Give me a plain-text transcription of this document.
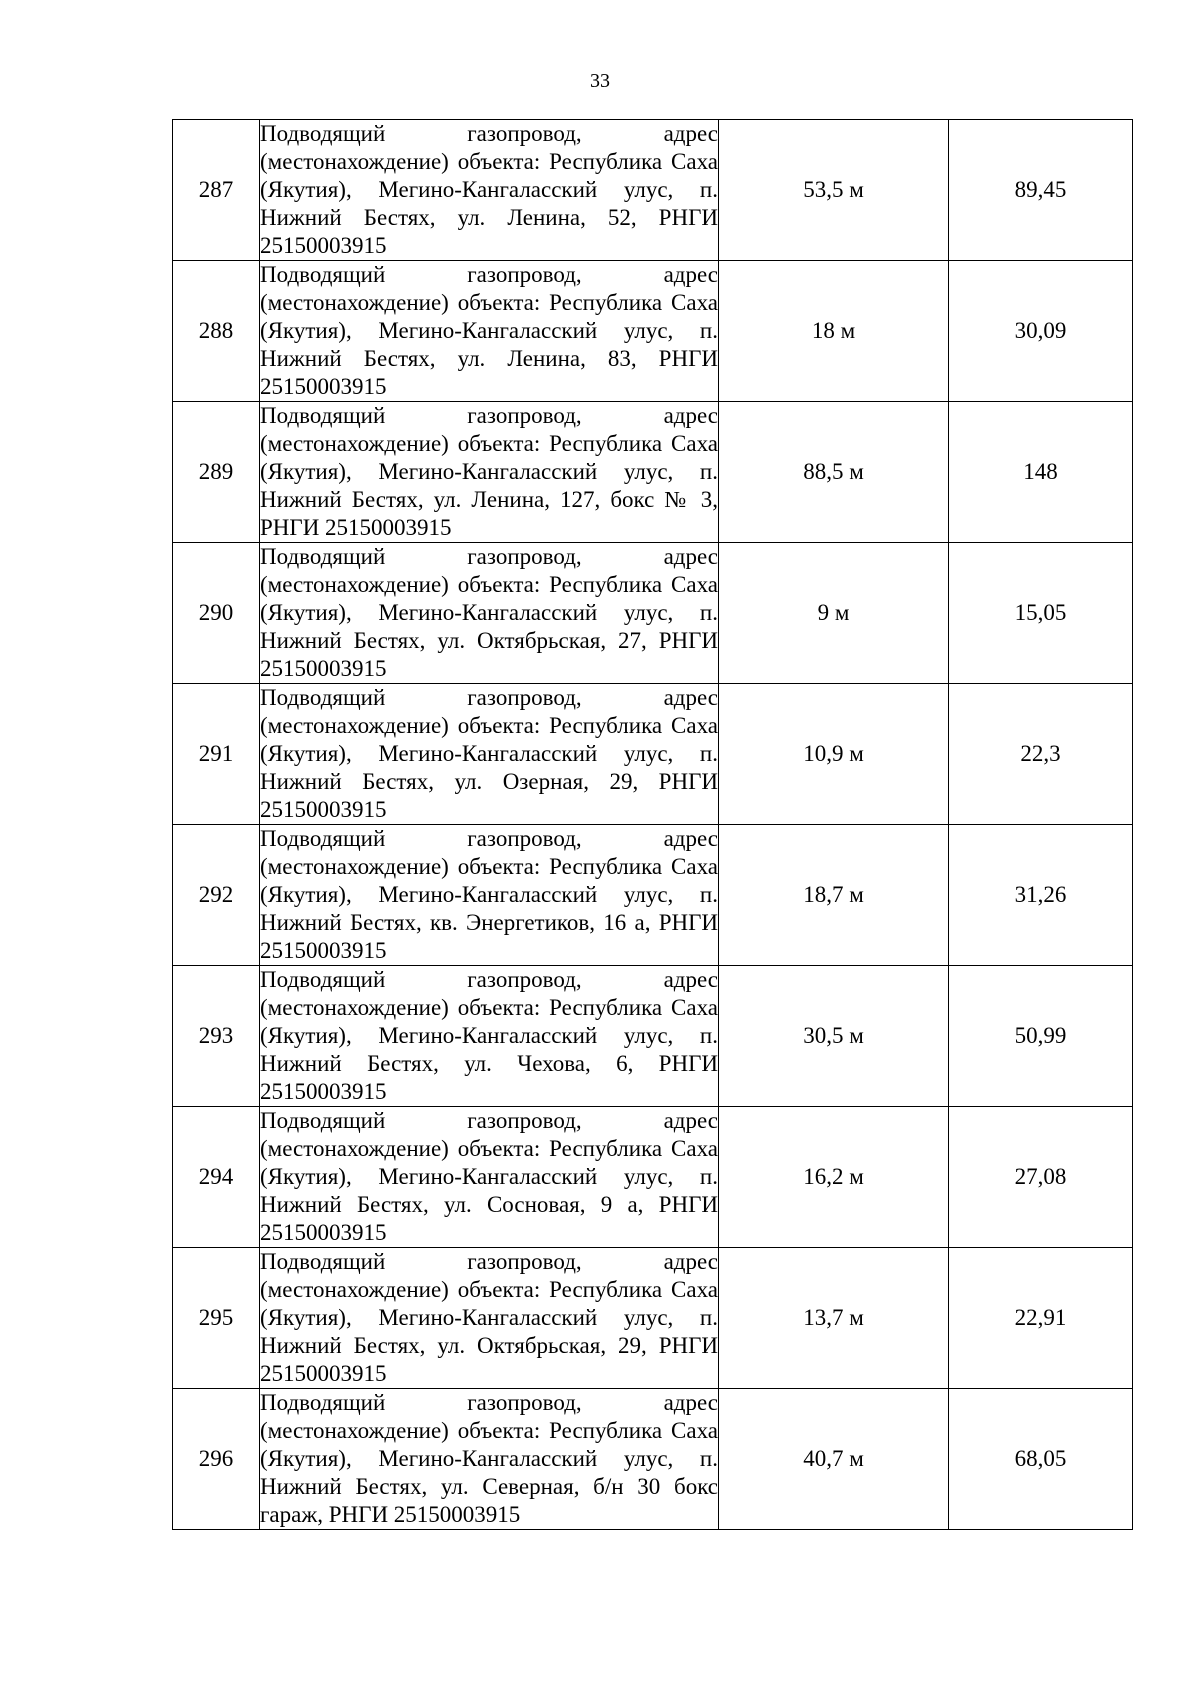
33
287	Подводящий газопровод, адрес (местонахождение) объекта: Республика Саха (Якутия), Мегино-Кангаласский улус, п. Нижний Бестях, ул. Ленина, 52, РНГИ 25150003915	53,5 м	89,45
288	Подводящий газопровод, адрес (местонахождение) объекта: Республика Саха (Якутия), Мегино-Кангаласский улус, п. Нижний Бестях, ул. Ленина, 83, РНГИ 25150003915	18 м	30,09
289	Подводящий газопровод, адрес (местонахождение) объекта: Республика Саха (Якутия), Мегино-Кангаласский улус, п. Нижний Бестях, ул. Ленина, 127, бокс № 3, РНГИ 25150003915	88,5 м	148
290	Подводящий газопровод, адрес (местонахождение) объекта: Республика Саха (Якутия), Мегино-Кангаласский улус, п. Нижний Бестях, ул. Октябрьская, 27, РНГИ 25150003915	9 м	15,05
291	Подводящий газопровод, адрес (местонахождение) объекта: Республика Саха (Якутия), Мегино-Кангаласский улус, п. Нижний Бестях, ул. Озерная, 29, РНГИ 25150003915	10,9 м	22,3
292	Подводящий газопровод, адрес (местонахождение) объекта: Республика Саха (Якутия), Мегино-Кангаласский улус, п. Нижний Бестях, кв. Энергетиков, 16 а, РНГИ 25150003915	18,7 м	31,26
293	Подводящий газопровод, адрес (местонахождение) объекта: Республика Саха (Якутия), Мегино-Кангаласский улус, п. Нижний Бестях, ул. Чехова, 6, РНГИ 25150003915	30,5 м	50,99
294	Подводящий газопровод, адрес (местонахождение) объекта: Республика Саха (Якутия), Мегино-Кангаласский улус, п. Нижний Бестях, ул. Сосновая, 9 а, РНГИ 25150003915	16,2 м	27,08
295	Подводящий газопровод, адрес (местонахождение) объекта: Республика Саха (Якутия), Мегино-Кангаласский улус, п. Нижний Бестях, ул. Октябрьская, 29, РНГИ 25150003915	13,7 м	22,91
296	Подводящий газопровод, адрес (местонахождение) объекта: Республика Саха (Якутия), Мегино-Кангаласский улус, п. Нижний Бестях, ул. Северная, б/н 30 бокс гараж, РНГИ 25150003915	40,7 м	68,05
